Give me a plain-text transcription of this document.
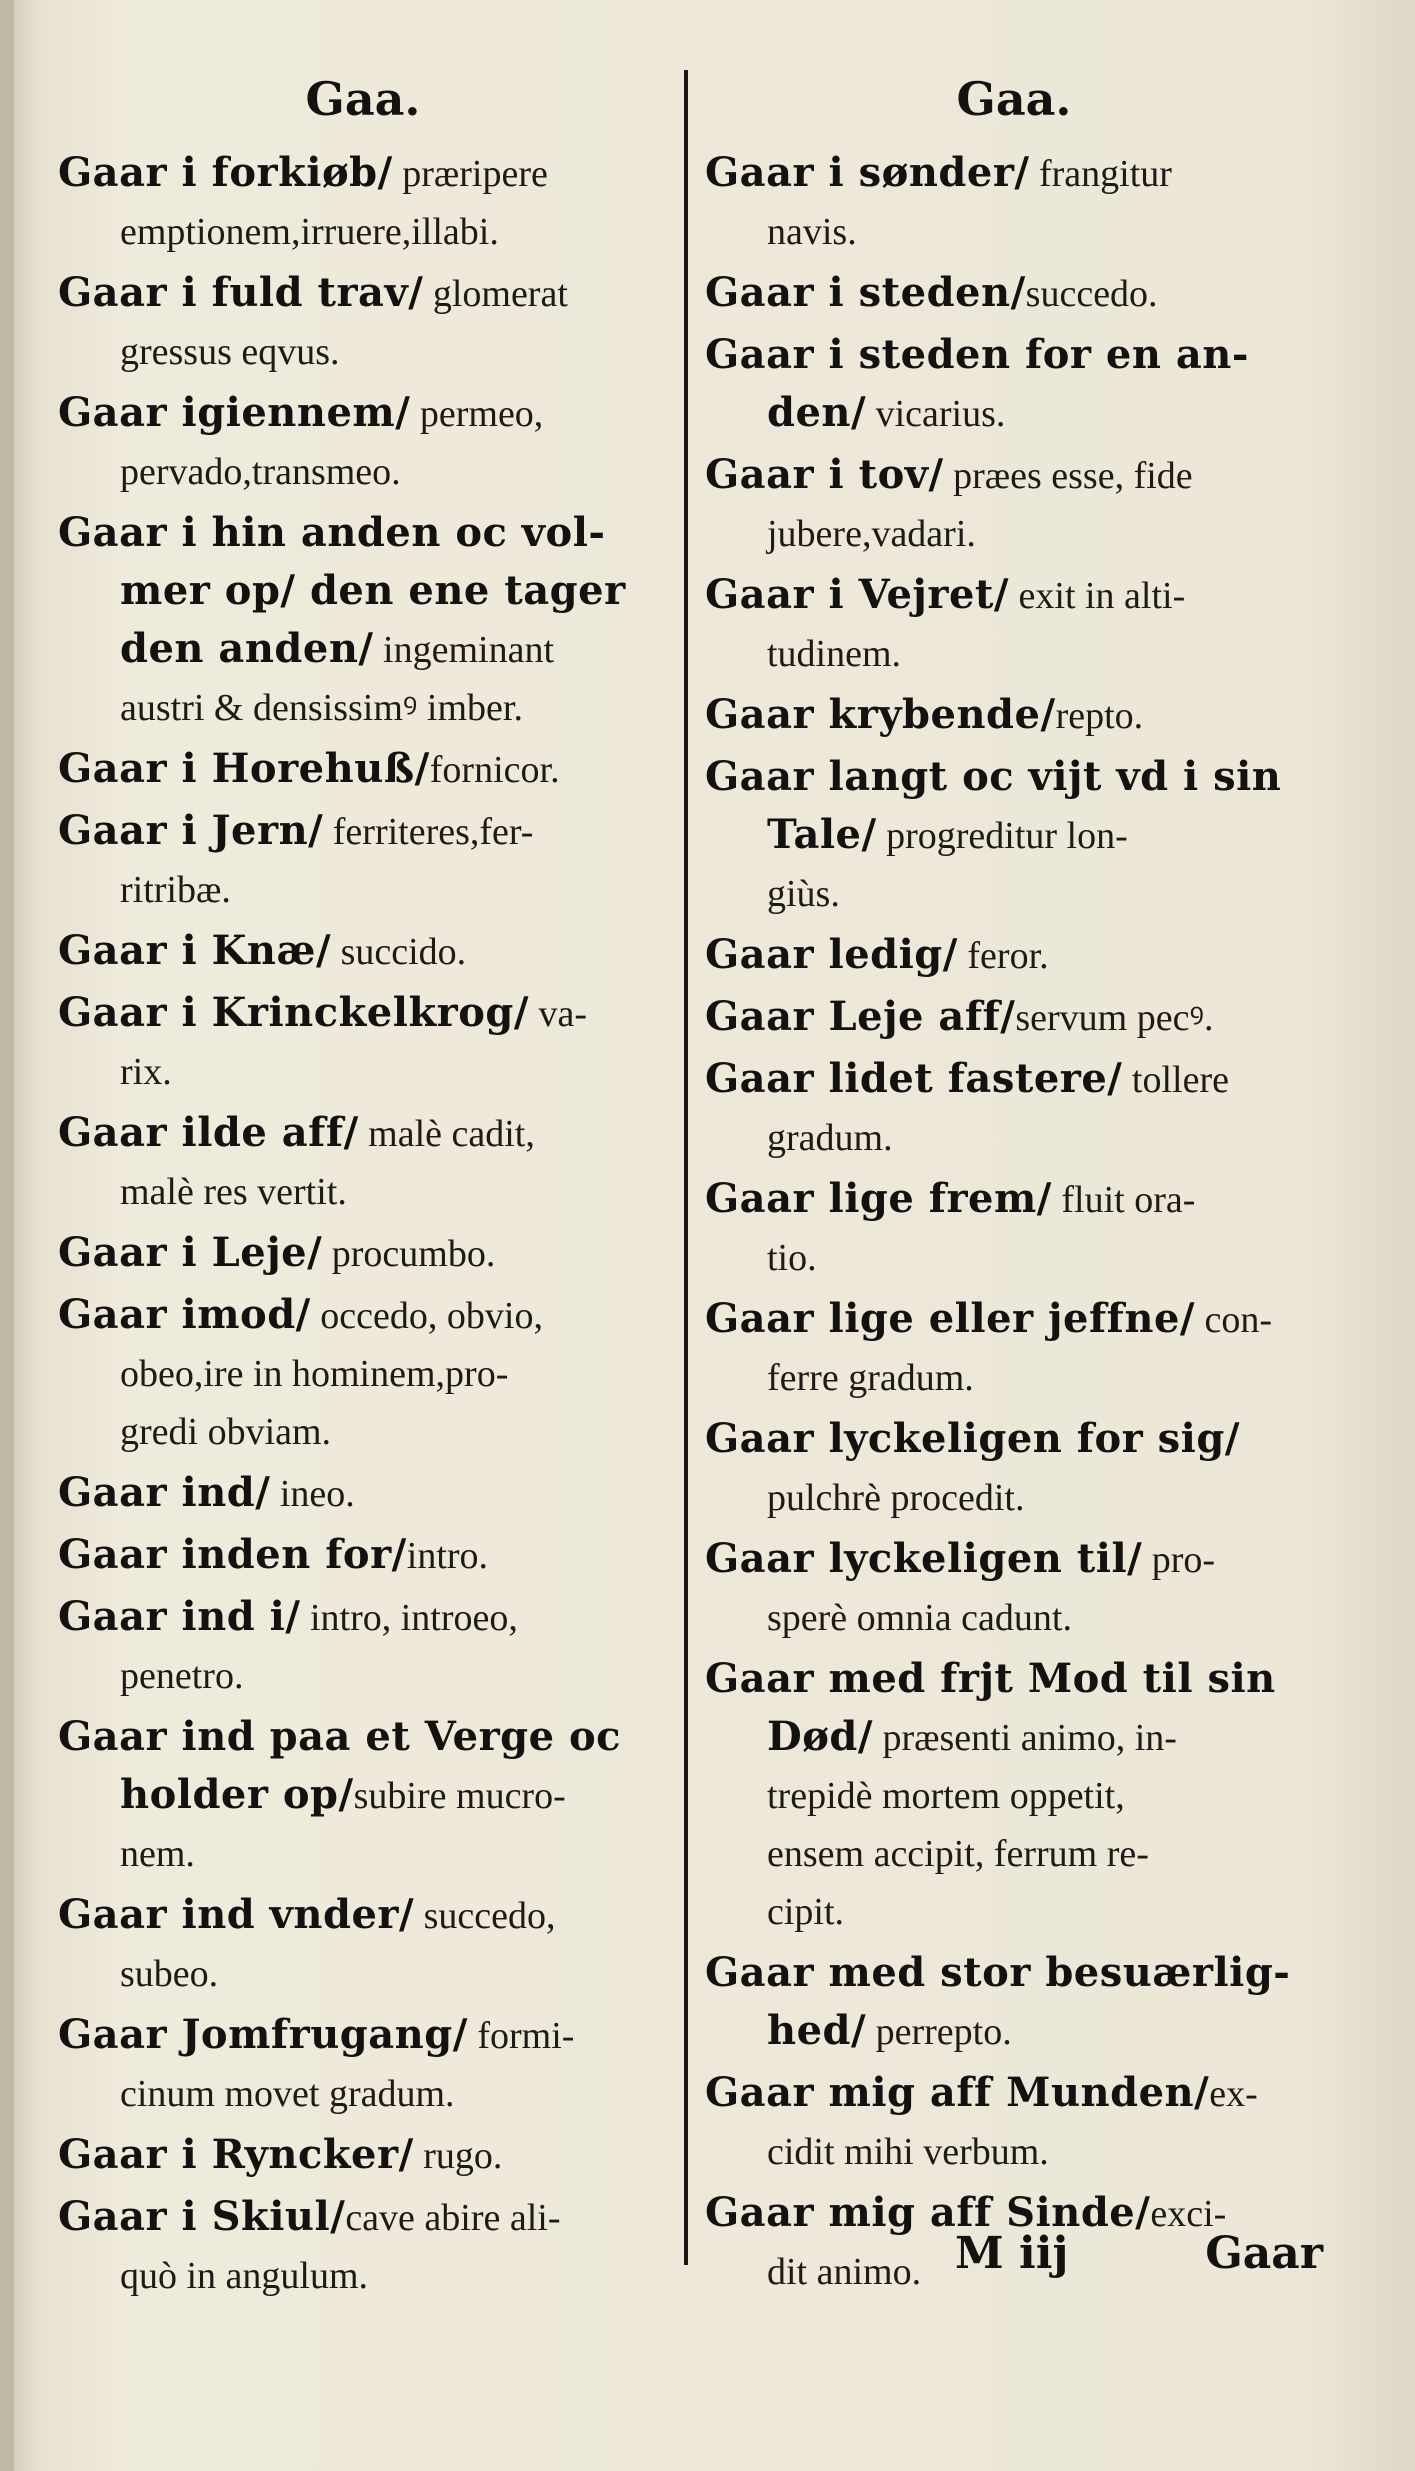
Gaa.
Gaar i forkiøb/ præripere
emptionem,irruere,illabi.
Gaar i fuld trav/ glomerat
gressus eqvus.
Gaar igiennem/ permeo,
pervado,transmeo.
Gaar i hin anden oc vol-
mer op/ den ene tager
den anden/ ingeminant
austri & densissimꝰ imber.
Gaar i Horehuß/fornicor.
Gaar i Jern/ ferriteres,fer-
ritribæ.
Gaar i Knæ/ succido.
Gaar i Krinckelkrog/ va-
rix.
Gaar ilde aff/ malè cadit,
malè res vertit.
Gaar i Leje/ procumbo.
Gaar imod/ occedo, obvio,
obeo,ire in hominem,pro-
gredi obviam.
Gaar ind/ ineo.
Gaar inden for/intro.
Gaar ind i/ intro, introeo,
penetro.
Gaar ind paa et Verge oc
holder op/subire mucro-
nem.
Gaar ind vnder/ succedo,
subeo.
Gaar Jomfrugang/ formi-
cinum movet gradum.
Gaar i Ryncker/ rugo.
Gaar i Skiul/cave abire ali-
quò in angulum.
Gaa.
Gaar i sønder/ frangitur
navis.
Gaar i steden/succedo.
Gaar i steden for en an-
den/ vicarius.
Gaar i tov/ præes esse, fide
jubere,vadari.
Gaar i Vejret/ exit in alti-
tudinem.
Gaar krybende/repto.
Gaar langt oc vijt vd i sin
Tale/ progreditur lon-
giùs.
Gaar ledig/ feror.
Gaar Leje aff/servum pecꝰ.
Gaar lidet fastere/ tollere
gradum.
Gaar lige frem/ fluit ora-
tio.
Gaar lige eller jeffne/ con-
ferre gradum.
Gaar lyckeligen for sig/
pulchrè procedit.
Gaar lyckeligen til/ pro-
sperè omnia cadunt.
Gaar med frjt Mod til sin
Død/ præsenti animo, in-
trepidè mortem oppetit,
ensem accipit, ferrum re-
cipit.
Gaar med stor besuærlig-
hed/ perrepto.
Gaar mig aff Munden/ex-
cidit mihi verbum.
Gaar mig aff Sinde/exci-
dit animo. M iij	Gaar
